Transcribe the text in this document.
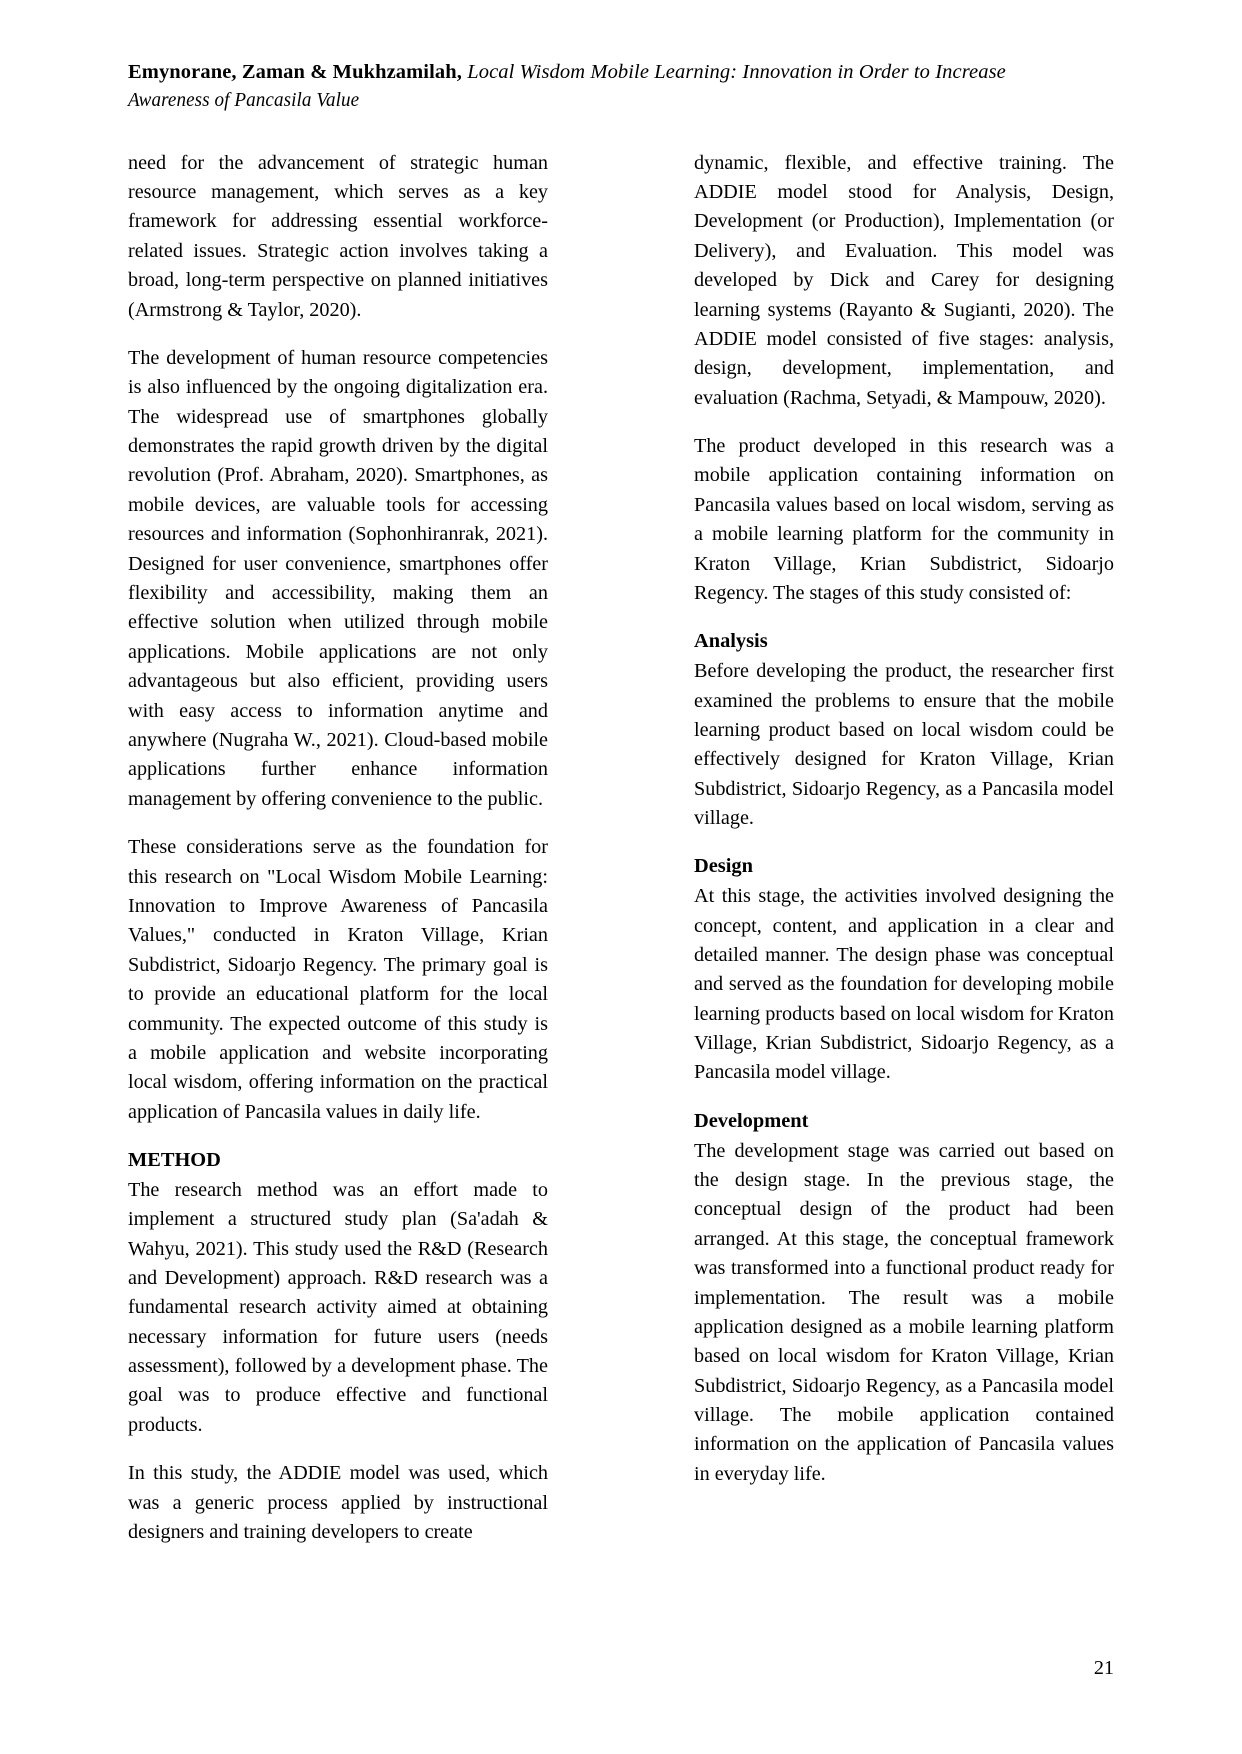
Emynorane, Zaman & Mukhzamilah, Local Wisdom Mobile Learning: Innovation in Order to Increase
Awareness of Pancasila Value

need for the advancement of strategic human resource management, which serves as a key framework for addressing essential workforce-related issues. Strategic action involves taking a broad, long-term perspective on planned initiatives (Armstrong & Taylor, 2020).

The development of human resource competencies is also influenced by the ongoing digitalization era. The widespread use of smartphones globally demonstrates the rapid growth driven by the digital revolution (Prof. Abraham, 2020). Smartphones, as mobile devices, are valuable tools for accessing resources and information (Sophonhiranrak, 2021). Designed for user convenience, smartphones offer flexibility and accessibility, making them an effective solution when utilized through mobile applications. Mobile applications are not only advantageous but also efficient, providing users with easy access to information anytime and anywhere (Nugraha W., 2021). Cloud-based mobile applications further enhance information management by offering convenience to the public.

These considerations serve as the foundation for this research on "Local Wisdom Mobile Learning: Innovation to Improve Awareness of Pancasila Values," conducted in Kraton Village, Krian Subdistrict, Sidoarjo Regency. The primary goal is to provide an educational platform for the local community. The expected outcome of this study is a mobile application and website incorporating local wisdom, offering information on the practical application of Pancasila values in daily life.

METHOD

The research method was an effort made to implement a structured study plan (Sa'adah & Wahyu, 2021). This study used the R&D (Research and Development) approach. R&D research was a fundamental research activity aimed at obtaining necessary information for future users (needs assessment), followed by a development phase. The goal was to produce effective and functional products.

In this study, the ADDIE model was used, which was a generic process applied by instructional designers and training developers to create

dynamic, flexible, and effective training. The ADDIE model stood for Analysis, Design, Development (or Production), Implementation (or Delivery), and Evaluation. This model was developed by Dick and Carey for designing learning systems (Rayanto & Sugianti, 2020). The ADDIE model consisted of five stages: analysis, design, development, implementation, and evaluation (Rachma, Setyadi, & Mampouw, 2020).

The product developed in this research was a mobile application containing information on Pancasila values based on local wisdom, serving as a mobile learning platform for the community in Kraton Village, Krian Subdistrict, Sidoarjo Regency. The stages of this study consisted of:

Analysis

Before developing the product, the researcher first examined the problems to ensure that the mobile learning product based on local wisdom could be effectively designed for Kraton Village, Krian Subdistrict, Sidoarjo Regency, as a Pancasila model village.

Design

At this stage, the activities involved designing the concept, content, and application in a clear and detailed manner. The design phase was conceptual and served as the foundation for developing mobile learning products based on local wisdom for Kraton Village, Krian Subdistrict, Sidoarjo Regency, as a Pancasila model village.

Development

The development stage was carried out based on the design stage. In the previous stage, the conceptual design of the product had been arranged. At this stage, the conceptual framework was transformed into a functional product ready for implementation. The result was a mobile application designed as a mobile learning platform based on local wisdom for Kraton Village, Krian Subdistrict, Sidoarjo Regency, as a Pancasila model village. The mobile application contained information on the application of Pancasila values in everyday life.

21
